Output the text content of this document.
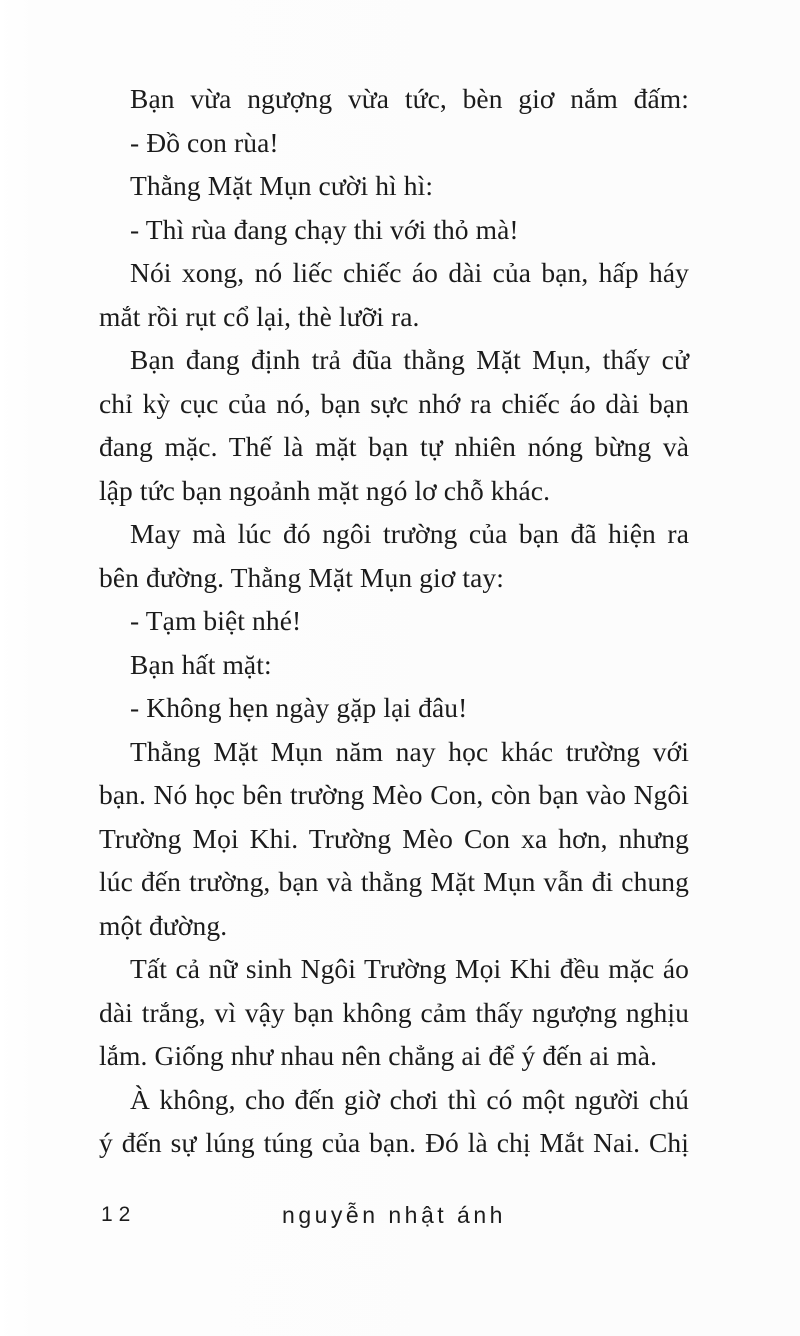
Bạn vừa ngượng vừa tức, bèn giơ nắm đấm:
- Đồ con rùa!
Thằng Mặt Mụn cười hì hì:
- Thì rùa đang chạy thi với thỏ mà!
Nói xong, nó liếc chiếc áo dài của bạn, hấp háy
mắt rồi rụt cổ lại, thè lưỡi ra.
Bạn đang định trả đũa thằng Mặt Mụn, thấy cử
chỉ kỳ cục của nó, bạn sực nhớ ra chiếc áo dài bạn
đang mặc. Thế là mặt bạn tự nhiên nóng bừng và
lập tức bạn ngoảnh mặt ngó lơ chỗ khác.
May mà lúc đó ngôi trường của bạn đã hiện ra
bên đường. Thằng Mặt Mụn giơ tay:
- Tạm biệt nhé!
Bạn hất mặt:
- Không hẹn ngày gặp lại đâu!
Thằng Mặt Mụn năm nay học khác trường với
bạn. Nó học bên trường Mèo Con, còn bạn vào Ngôi
Trường Mọi Khi. Trường Mèo Con xa hơn, nhưng
lúc đến trường, bạn và thằng Mặt Mụn vẫn đi chung
một đường.
Tất cả nữ sinh Ngôi Trường Mọi Khi đều mặc áo
dài trắng, vì vậy bạn không cảm thấy ngượng nghịu
lắm. Giống như nhau nên chẳng ai để ý đến ai mà.
À không, cho đến giờ chơi thì có một người chú
ý đến sự lúng túng của bạn. Đó là chị Mắt Nai. Chị
12	nguyễn nhật ánh
